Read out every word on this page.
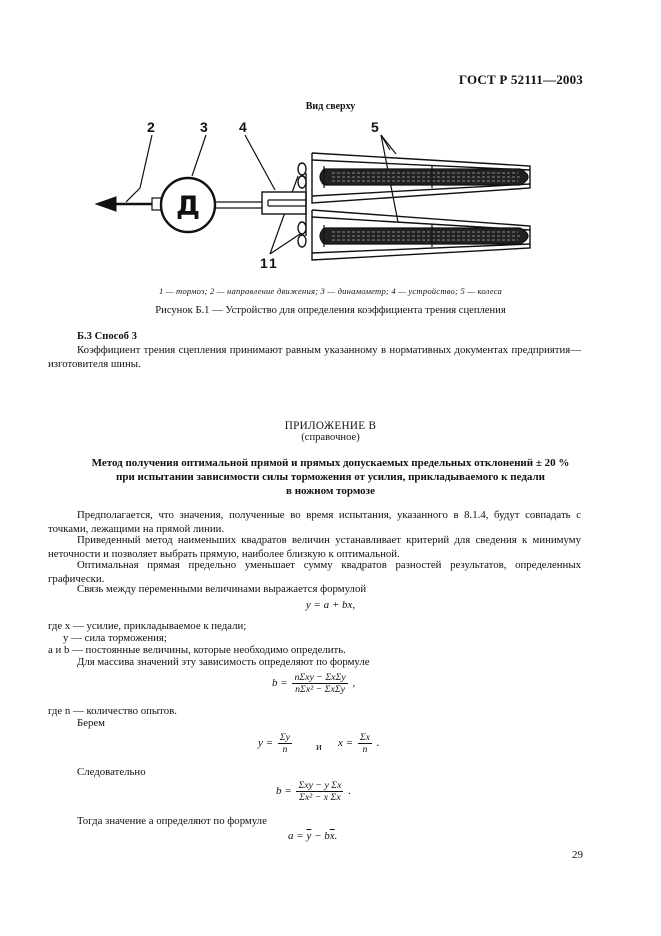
ГОСТ Р 52111—2003
Вид сверху
Д
2	3 4	5
1 1
1 — тормоз; 2 — направление движения; 3 — динамометр; 4 — устройство; 5 — колеса
Рисунок Б.1 — Устройство для определения коэффициента трения сцепления
Б.3 Способ 3
Коэффициент трения сцепления принимают равным указанному в нормативных документах предприятия—изготовителя шины.
ПРИЛОЖЕНИЕ В
(справочное)
Метод получения оптимальной прямой и прямых допускаемых предельных отклонений ± 20 %
при испытании зависимости силы торможения от усилия, прикладываемого к педали
в ножном тормозе
Предполагается, что значения, полученные во время испытания, указанного в 8.1.4, будут совпадать с точками, лежащими на прямой линии.
Приведенный метод наименьших квадратов величин устанавливает критерий для сведения к минимуму неточности и позволяет выбрать прямую, наиболее близкую к оптимальной.
Оптимальная прямая предельно уменьшает сумму квадратов разностей результатов, определенных графически.
Связь между переменными величинами выражается формулой
y = a + bx,
где x — усилие, прикладываемое к педали;
y — сила торможения;
a и b — постоянные величины, которые необходимо определить.
Для массива значений эту зависимость определяют по формуле
$b = \frac{\text{nΣxy − ΣxΣy}}{\text{nΣx² − ΣxΣy}}$ ,
где n — количество опытов.
Берем
$y = \frac{\Sigma y}{n}$ и $x = \frac{\Sigma x}{n}$ .
Следовательно
$b = \frac{\text{Σxy − y Σx}}{\text{Σx² − x Σx}}$ .
Тогда значение a определяют по формуле
$a = \overline{y} - b\overline{x}$.
29
